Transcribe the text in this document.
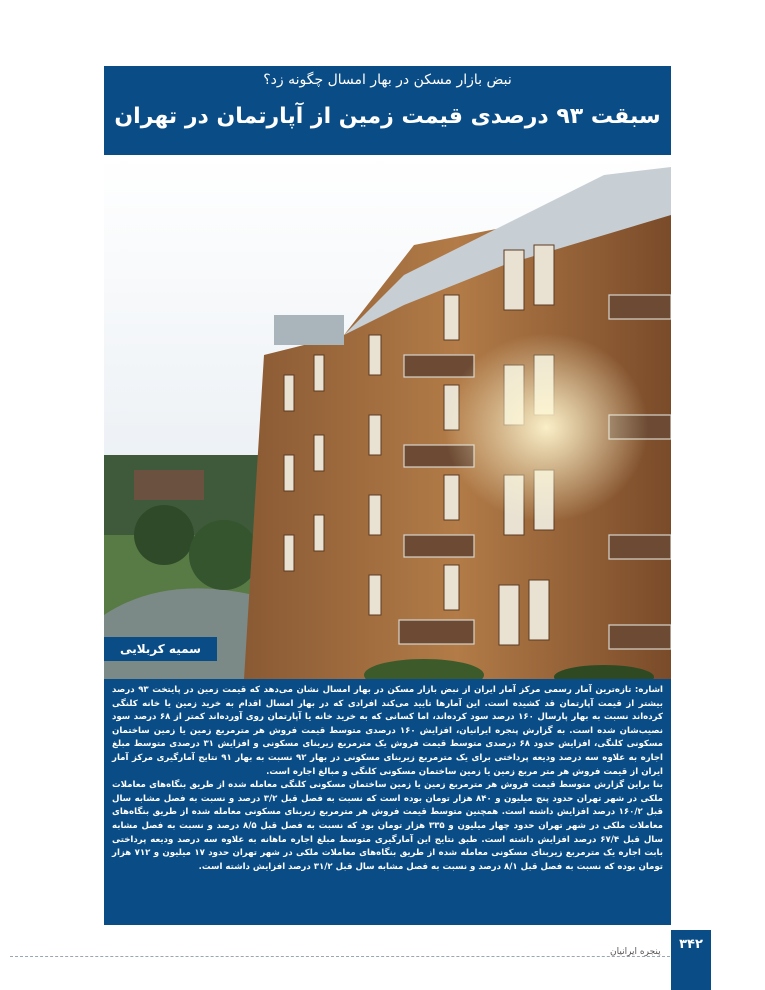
نبض بازار مسکن در بهار امسال چگونه زد؟
سبقت ۹۳ درصدی قیمت زمین از آپارتمان در تهران
سمیه کربلایی

اشاره: تازه‌ترین آمار رسمی مرکز آمار ایران از نبض بازار مسکن در بهار امسال نشان می‌دهد که قیمت زمین در پایتخت ۹۳ درصد بیشتر از قیمت آپارتمان قد کشیده است. این آمارها تایید می‌کند افرادی که در بهار امسال اقدام به خرید زمین یا خانه کلنگی کرده‌اند نسبت به بهار پارسال ۱۶۰ درصد سود کرده‌اند، اما کسانی که به خرید خانه یا آپارتمان روی آورده‌اند کمتر از ۶۸ درصد سود نصیب‌شان شده است. به گزارش پنجره ایرانیان، افزایش ۱۶۰ درصدی متوسط قیمت فروش هر مترمربع زمین یا زمین ساختمان مسکونی کلنگی، افزایش حدود ۶۸ درصدی متوسط قیمت فروش یک مترمربع زیربنای مسکونی و افزایش ۳۱ درصدی متوسط مبلغ اجاره به علاوه سه درصد ودیعه پرداختی برای یک مترمربع زیربنای مسکونی در بهار ۹۲ نسبت به بهار ۹۱ نتایج آمارگیری مرکز آمار ایران از قیمت فروش هر متر مربع زمین یا زمین ساختمان مسکونی کلنگی و مبالغ اجاره است.

بنا براین گزارش متوسط قیمت فروش هر مترمربع زمین یا زمین ساختمان مسکونی کلنگی معامله شده از طریق بنگاه‌های معاملات ملکی در شهر تهران حدود پنج میلیون و ۸۴۰ هزار تومان بوده است که نسبت به فصل قبل ۳/۲ درصد و نسبت به فصل مشابه سال قبل ۱۶۰/۲ درصد افزایش داشته است. همچنین متوسط قیمت فروش هر مترمربع زیربنای مسکونی معامله شده از طریق بنگاه‌های معاملات ملکی در شهر تهران حدود چهار میلیون و ۳۳۵ هزار تومان بود که نسبت به فصل قبل ۸/۵ درصد و نسبت به فصل مشابه سال قبل ۶۷/۴ درصد افزایش داشته است. طبق نتایج این آمارگیری متوسط مبلغ اجاره ماهانه به علاوه سه درصد ودیعه پرداختی بابت اجاره یک مترمربع زیربنای مسکونی معامله شده از طریق بنگاه‌های معاملات ملکی در شهر تهران حدود ۱۷ میلیون و ۷۱۲ هزار تومان بوده که نسبت به فصل قبل ۸/۱ درصد و نسبت به فصل مشابه سال قبل ۳۱/۲ درصد افزایش داشته است.

پنجره ایرانیان	۳۴۲
